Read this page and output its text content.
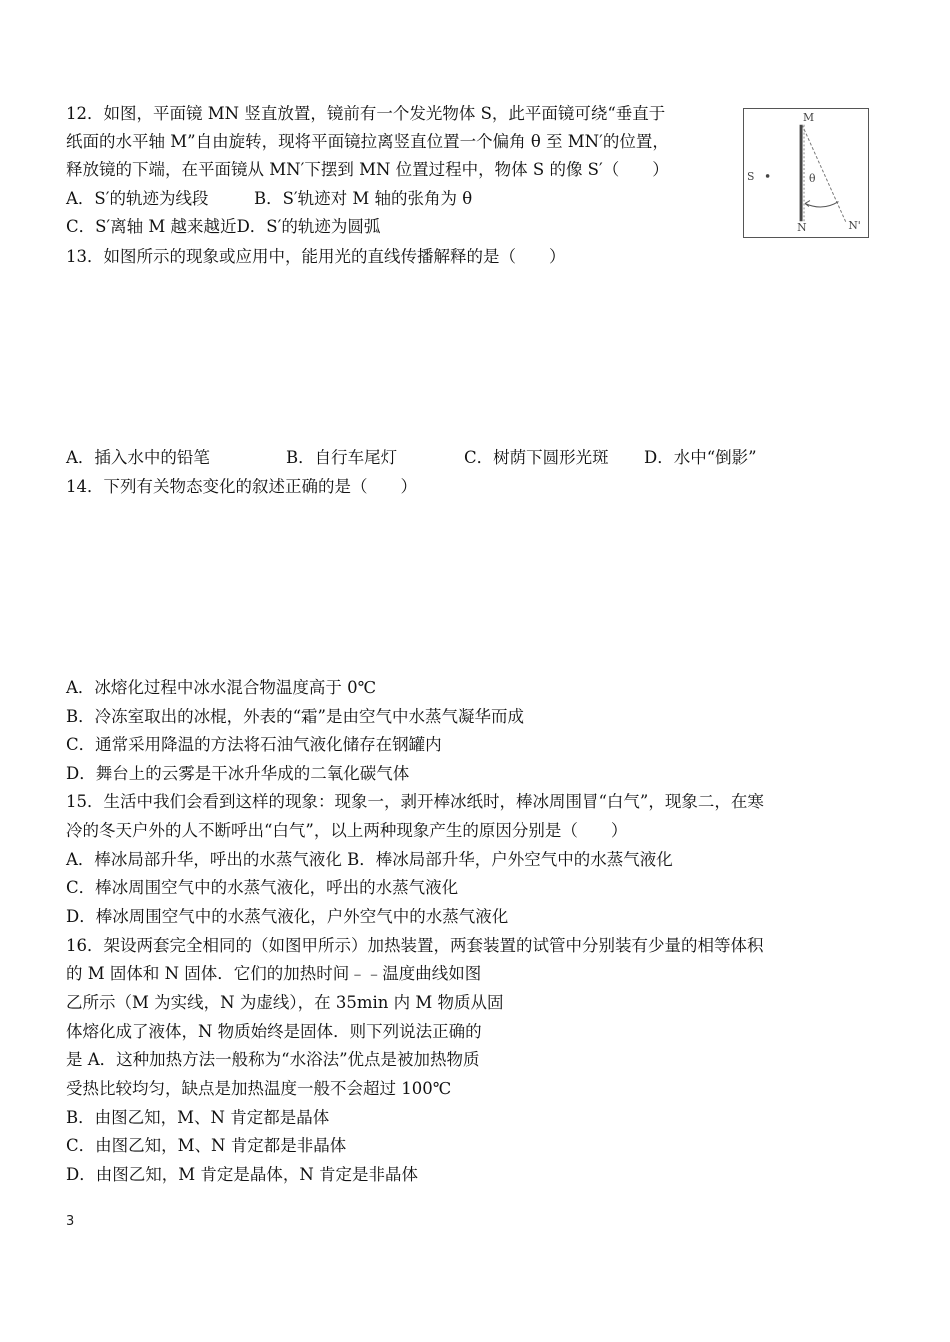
12．如图，平面镜 MN 竖直放置，镜前有一个发光物体 S，此平面镜可绕“垂直于

纸面的水平轴 M”自由旋转，现将平面镜拉离竖直位置一个偏角 θ 至 MN′的位置，

释放镜的下端，在平面镜从 MN′下摆到 MN 位置过程中，物体 S 的像 S′（　　）

A．S′的轨迹为线段	B．S′轨迹对 M 轴的张角为 θ

C．S′离轴 M 越来越近D．S′的轨迹为圆弧

M
S	θ
N	N'

13．如图所示的现象或应用中，能用光的直线传播解释的是（　　）

A．插入水中的铅笔	B．自行车尾灯	C．树荫下圆形光斑 D．水中“倒影”

14．下列有关物态变化的叙述正确的是（　　）

A．冰熔化过程中冰水混合物温度高于 0℃

B．冷冻室取出的冰棍，外表的“霜”是由空气中水蒸气凝华而成

C．通常采用降温的方法将石油气液化储存在钢罐内

D．舞台上的云雾是干冰升华成的二氧化碳气体

15．生活中我们会看到这样的现象：现象一，剥开棒冰纸时，棒冰周围冒“白气”，现象二，在寒

冷的冬天户外的人不断呼出“白气”，以上两种现象产生的原因分别是（　　）

A．棒冰局部升华，呼出的水蒸气液化 B．棒冰局部升华，户外空气中的水蒸气液化

C．棒冰周围空气中的水蒸气液化，呼出的水蒸气液化

D．棒冰周围空气中的水蒸气液化，户外空气中的水蒸气液化

16．架设两套完全相同的（如图甲所示）加热装置，两套装置的试管中分别装有少量的相等体积

的 M 固体和 N 固体．它们的加热时间﹣﹣温度曲线如图

乙所示（M 为实线，N 为虚线），在 35min 内 M 物质从固

体熔化成了液体，N 物质始终是固体．则下列说法正确的

是 A．这种加热方法一般称为“水浴法”优点是被加热物质

受热比较均匀，缺点是加热温度一般不会超过 100℃

B．由图乙知，M、N 肯定都是晶体

C．由图乙知，M、N 肯定都是非晶体

D．由图乙知，M 肯定是晶体，N 肯定是非晶体

3
